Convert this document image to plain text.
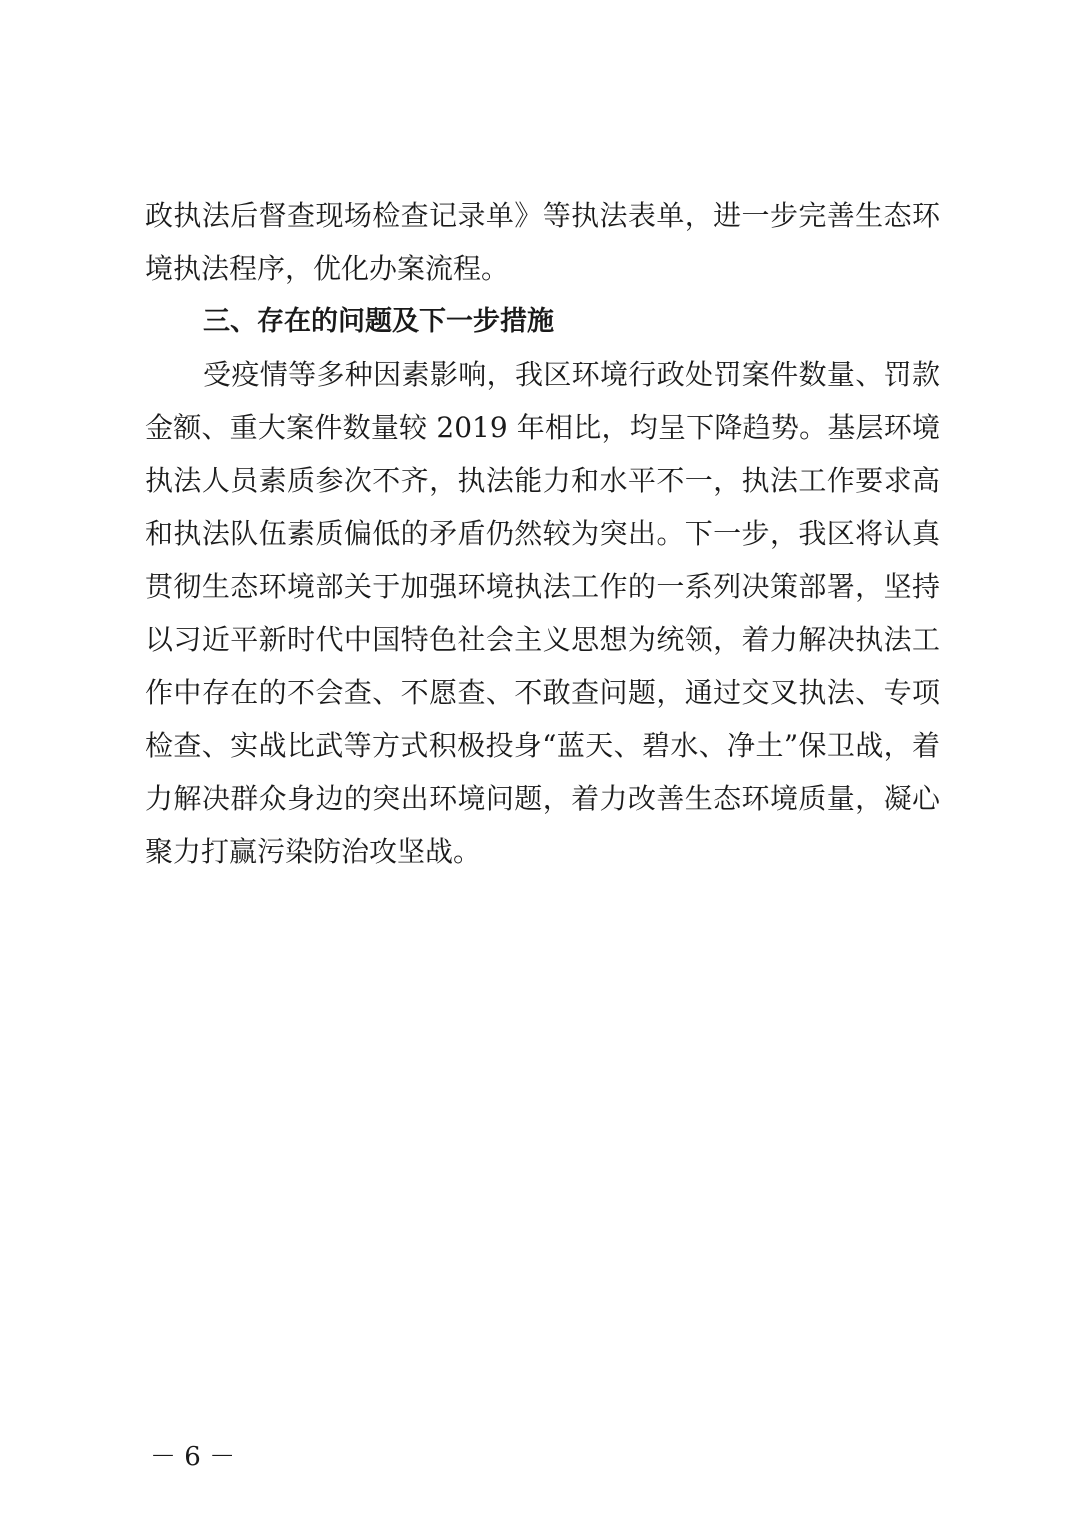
政执法后督查现场检查记录单》等执法表单，进一步完善生态环
境执法程序，优化办案流程。
三、存在的问题及下一步措施
受疫情等多种因素影响，我区环境行政处罚案件数量、罚款
金额、重大案件数量较 2019 年相比，均呈下降趋势。基层环境
执法人员素质参次不齐，执法能力和水平不一，执法工作要求高
和执法队伍素质偏低的矛盾仍然较为突出。下一步，我区将认真
贯彻生态环境部关于加强环境执法工作的一系列决策部署，坚持
以习近平新时代中国特色社会主义思想为统领，着力解决执法工
作中存在的不会查、不愿查、不敢查问题，通过交叉执法、专项
检查、实战比武等方式积极投身“蓝天、碧水、净土”保卫战，着
力解决群众身边的突出环境问题，着力改善生态环境质量，凝心
聚力打赢污染防治攻坚战。
－ 6 －
